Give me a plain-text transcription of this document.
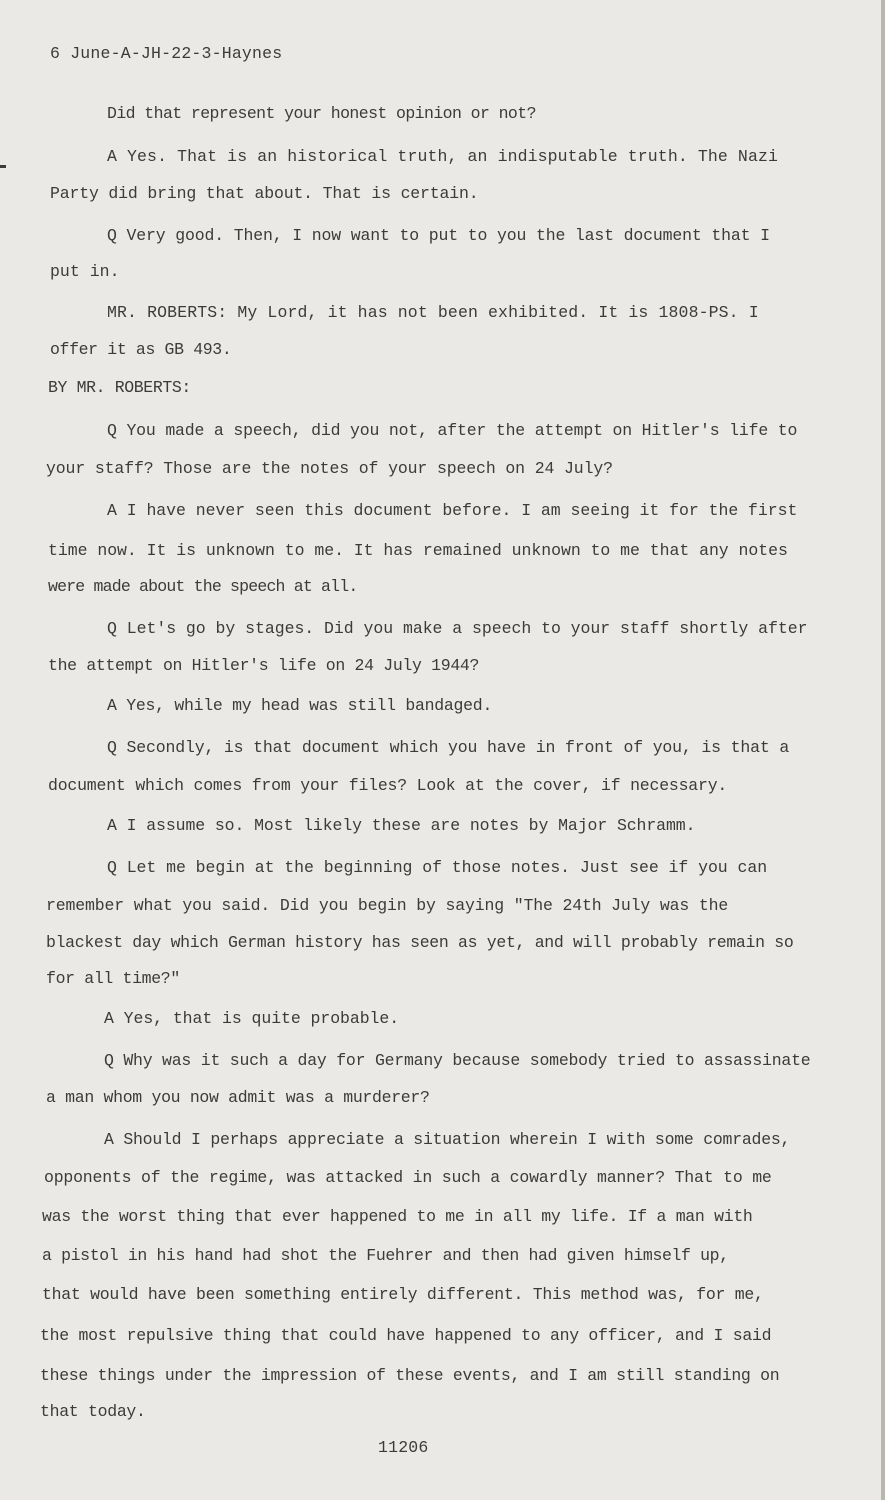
6 June-A-JH-22-3-Haynes
Did that represent your honest opinion or not?
A Yes. That is an historical truth, an indisputable truth. The Nazi
Party did bring that about. That is certain.
Q Very good. Then, I now want to put to you the last document that I
put in.
MR. ROBERTS: My Lord, it has not been exhibited. It is 1808-PS. I
offer it as GB 493.
BY MR. ROBERTS:
Q You made a speech, did you not, after the attempt on Hitler's life to
your staff? Those are the notes of your speech on 24 July?
A I have never seen this document before. I am seeing it for the first
time now. It is unknown to me. It has remained unknown to me that any notes
were made about the speech at all.
Q Let's go by stages. Did you make a speech to your staff shortly after
the attempt on Hitler's life on 24 July 1944?
A Yes, while my head was still bandaged.
Q Secondly, is that document which you have in front of you, is that a
document which comes from your files? Look at the cover, if necessary.
A I assume so. Most likely these are notes by Major Schramm.
Q Let me begin at the beginning of those notes. Just see if you can
remember what you said. Did you begin by saying "The 24th July was the
blackest day which German history has seen as yet, and will probably remain so
for all time?"
A Yes, that is quite probable.
Q Why was it such a day for Germany because somebody tried to assassinate
a man whom you now admit was a murderer?
A Should I perhaps appreciate a situation wherein I with some comrades,
opponents of the regime, was attacked in such a cowardly manner? That to me
was the worst thing that ever happened to me in all my life. If a man with
a pistol in his hand had shot the Fuehrer and then had given himself up,
that would have been something entirely different. This method was, for me,
the most repulsive thing that could have happened to any officer, and I said
these things under the impression of these events, and I am still standing on
that today.
11206
